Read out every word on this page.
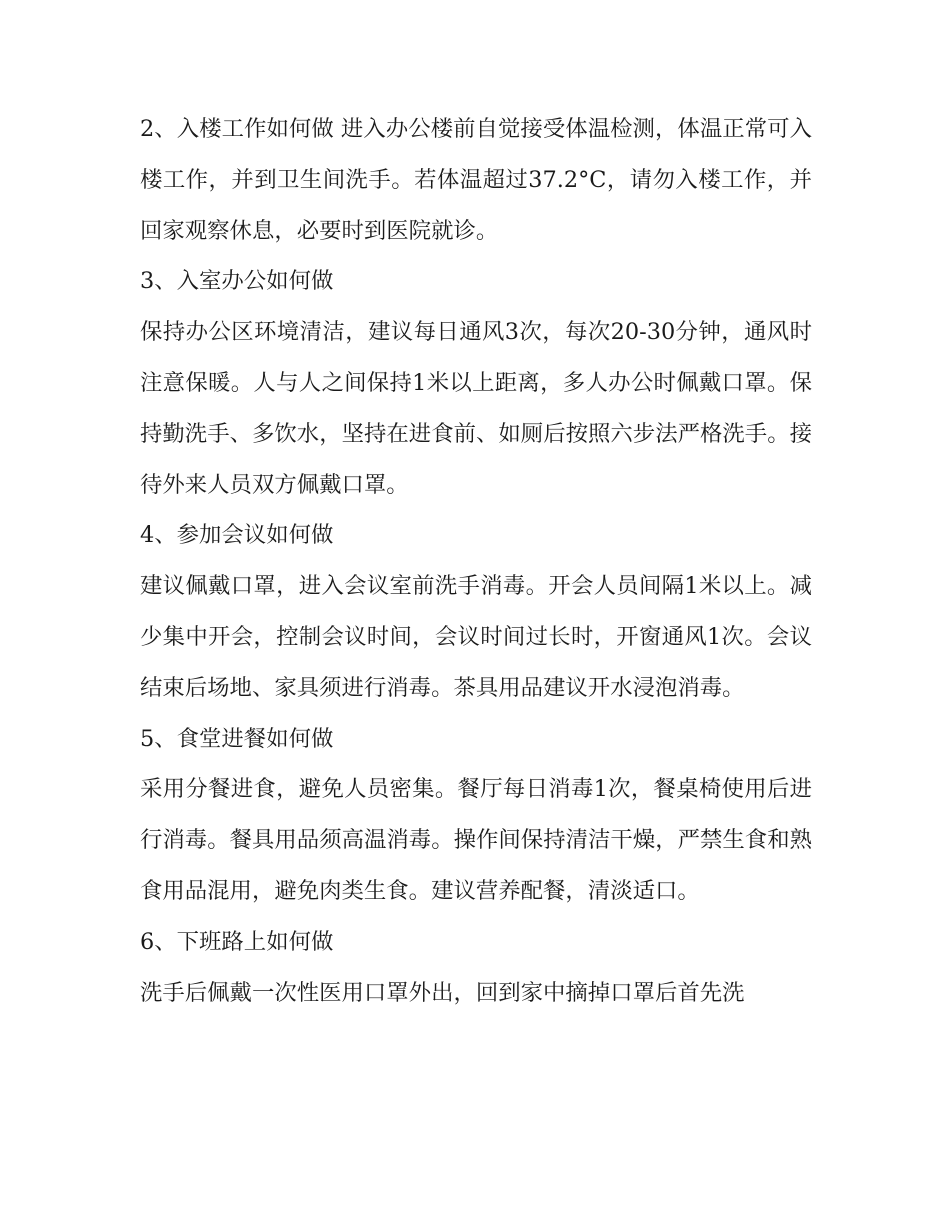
2、入楼工作如何做 进入办公楼前自觉接受体温检测，体温正常可入楼工作，并到卫生间洗手。若体温超过37.2°C，请勿入楼工作，并回家观察休息，必要时到医院就诊。

3、入室办公如何做

保持办公区环境清洁，建议每日通风3次，每次20-30分钟，通风时注意保暖。人与人之间保持1米以上距离，多人办公时佩戴口罩。保持勤洗手、多饮水，坚持在进食前、如厕后按照六步法严格洗手。接待外来人员双方佩戴口罩。

4、参加会议如何做

建议佩戴口罩，进入会议室前洗手消毒。开会人员间隔1米以上。减少集中开会，控制会议时间，会议时间过长时，开窗通风1次。会议结束后场地、家具须进行消毒。茶具用品建议开水浸泡消毒。

5、食堂进餐如何做

采用分餐进食，避免人员密集。餐厅每日消毒1次，餐桌椅使用后进行消毒。餐具用品须高温消毒。操作间保持清洁干燥，严禁生食和熟食用品混用，避免肉类生食。建议营养配餐，清淡适口。

6、下班路上如何做

洗手后佩戴一次性医用口罩外出，回到家中摘掉口罩后首先洗
